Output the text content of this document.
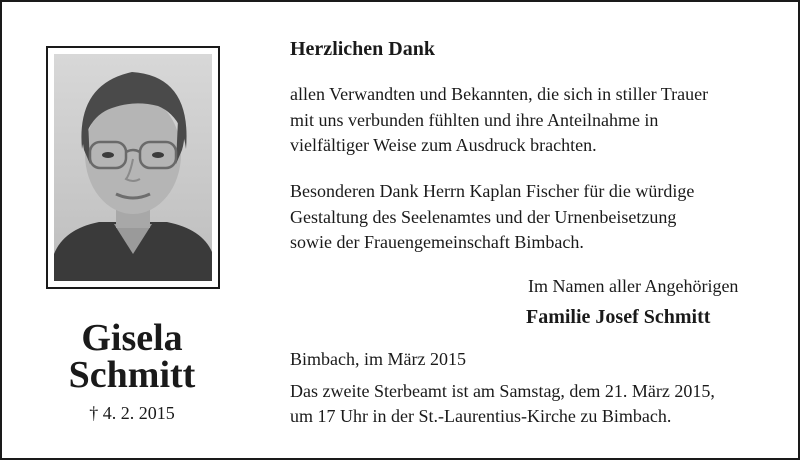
Gisela
Schmitt
† 4. 2. 2015
Herzlichen Dank
allen Verwandten und Bekannten, die sich in stiller Trauer
mit uns verbunden fühlten und ihre Anteilnahme in
vielfältiger Weise zum Ausdruck brachten.
Besonderen Dank Herrn Kaplan Fischer für die würdige
Gestaltung des Seelenamtes und der Urnenbeisetzung
sowie der Frauengemeinschaft Bimbach.
Im Namen aller Angehörigen
Familie Josef Schmitt
Bimbach, im März 2015
Das zweite Sterbeamt ist am Samstag, dem 21. März 2015,
um 17 Uhr in der St.-Laurentius-Kirche zu Bimbach.
